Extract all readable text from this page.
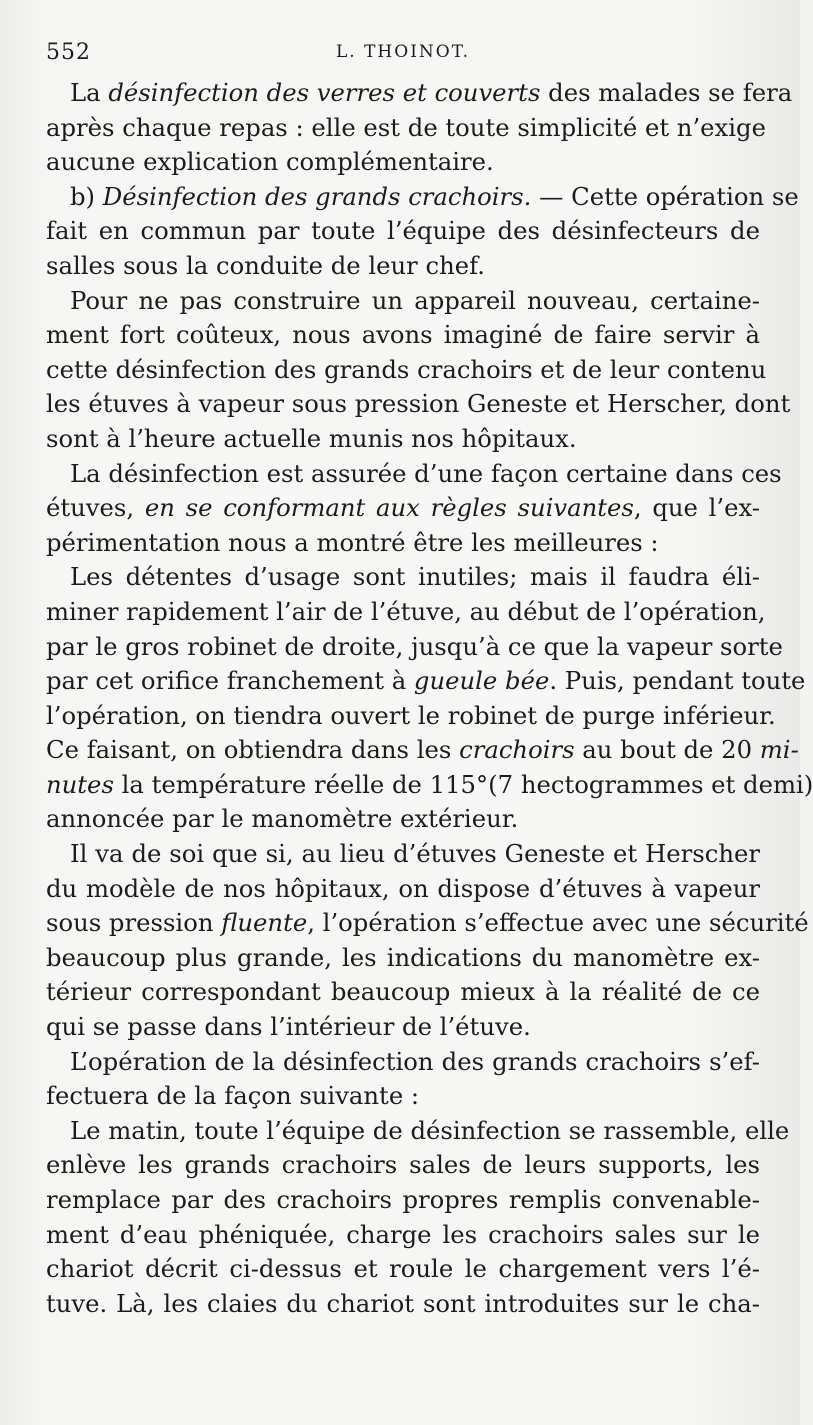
552	L. THOINOT.
La désinfection des verres et couverts des malades se fera
après chaque repas : elle est de toute simplicité et n’exige
aucune explication complémentaire.
b) Désinfection des grands crachoirs. — Cette opération se
fait en commun par toute l’équipe des désinfecteurs de
salles sous la conduite de leur chef.
Pour ne pas construire un appareil nouveau, certaine-
ment fort coûteux, nous avons imaginé de faire servir à
cette désinfection des grands crachoirs et de leur contenu
les étuves à vapeur sous pression Geneste et Herscher, dont
sont à l’heure actuelle munis nos hôpitaux.
La désinfection est assurée d’une façon certaine dans ces
étuves, en se conformant aux règles suivantes, que l’ex-
périmentation nous a montré être les meilleures :
Les détentes d’usage sont inutiles; mais il faudra éli-
miner rapidement l’air de l’étuve, au début de l’opération,
par le gros robinet de droite, jusqu’à ce que la vapeur sorte
par cet orifice franchement à gueule bée. Puis, pendant toute
l’opération, on tiendra ouvert le robinet de purge inférieur.
Ce faisant, on obtiendra dans les crachoirs au bout de 20 mi-
nutes la température réelle de 115°(7 hectogrammes et demi)
annoncée par le manomètre extérieur.
Il va de soi que si, au lieu d’étuves Geneste et Herscher
du modèle de nos hôpitaux, on dispose d’étuves à vapeur
sous pression fluente, l’opération s’effectue avec une sécurité
beaucoup plus grande, les indications du manomètre ex-
térieur correspondant beaucoup mieux à la réalité de ce
qui se passe dans l’intérieur de l’étuve.
L’opération de la désinfection des grands crachoirs s’ef-
fectuera de la façon suivante :
Le matin, toute l’équipe de désinfection se rassemble, elle
enlève les grands crachoirs sales de leurs supports, les
remplace par des crachoirs propres remplis convenable-
ment d’eau phéniquée, charge les crachoirs sales sur le
chariot décrit ci-dessus et roule le chargement vers l’é-
tuve. Là, les claies du chariot sont introduites sur le cha-
